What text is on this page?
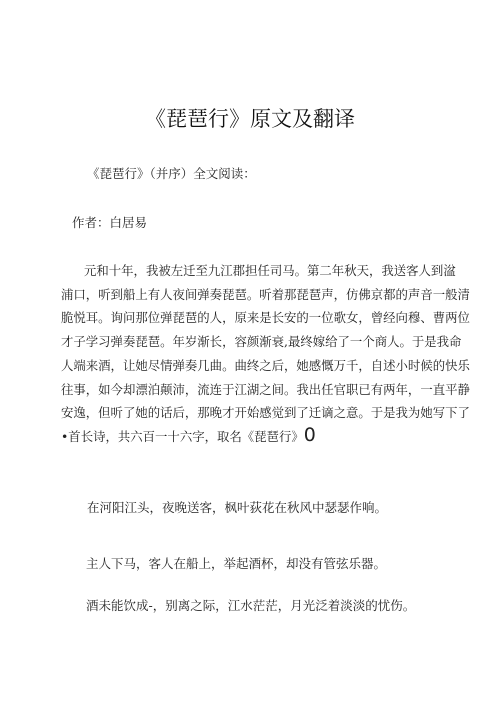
《琵琶行》原文及翻译
《琵琶行》（并序）全文阅读：
作者：白居易

元和十年，我被左迁至九江郡担任司马。第二年秋天，我送客人到湓
浦口，听到船上有人夜间弹奏琵琶。听着那琵琶声，仿佛京都的声音一般清
脆悦耳。询问那位弹琵琶的人，原来是长安的一位歌女，曾经向穆、曹两位
才子学习弹奏琵琶。年岁渐长，容颜渐衰,最终嫁给了一个商人。于是我命
人端来酒，让她尽情弹奏几曲。曲终之后，她感慨万千，自述小时候的快乐
往事，如今却漂泊颠沛，流连于江湖之间。我出任官职已有两年，一直平静
安逸，但听了她的话后，那晚才开始感觉到了迁谪之意。于是我为她写下了
•首长诗，共六百一十六字，取名《琵琶行》0

在河阳江头，夜晚送客，枫叶荻花在秋风中瑟瑟作响。
主人下马，客人在船上，举起酒杯，却没有管弦乐器。
酒未能饮成-，别离之际，江水茫茫，月光泛着淡淡的忧伤。
